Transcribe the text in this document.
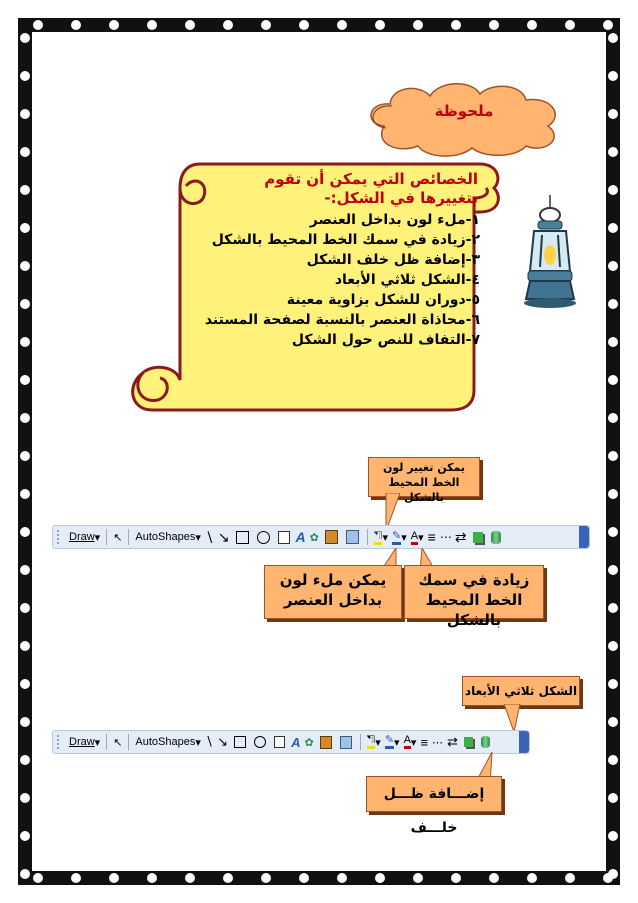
ملحوظة
الخصائص التي يمكن أن تقوم بتغييرها في الشكل:-
١-ملء لون بداخل العنصر
٢-زيادة في سمك الخط المحيط بالشكل
٣-إضافة ظل خلف الشكل
٤-الشكل ثلاثي الأبعاد
٥-دوران للشكل بزاوية معينة
٦-محاذاة العنصر بالنسبة لصفحة المستند
٧-التفاف للنص حول الشكل
يمكن تغيير لون الخط المحيط بالشكل
Draw ▾ ↖ AutoShapes ▾ ∖ ↘	A ✿	⛠ ▾ ✎ ▾ A ▾ ≡ ⋯ ⇄
يمكن ملء لون بداخل العنصر
زيادة في سمك الخط المحيط بالشكل
الشكل ثلاثي الأبعاد
Draw ▾ ↖ AutoShapes ▾ ∖ ↘	A ✿	⛠ ▾ ✎ ▾ A ▾ ≡ ⋯ ⇄
إضـــافة ظـــل خلـــف
